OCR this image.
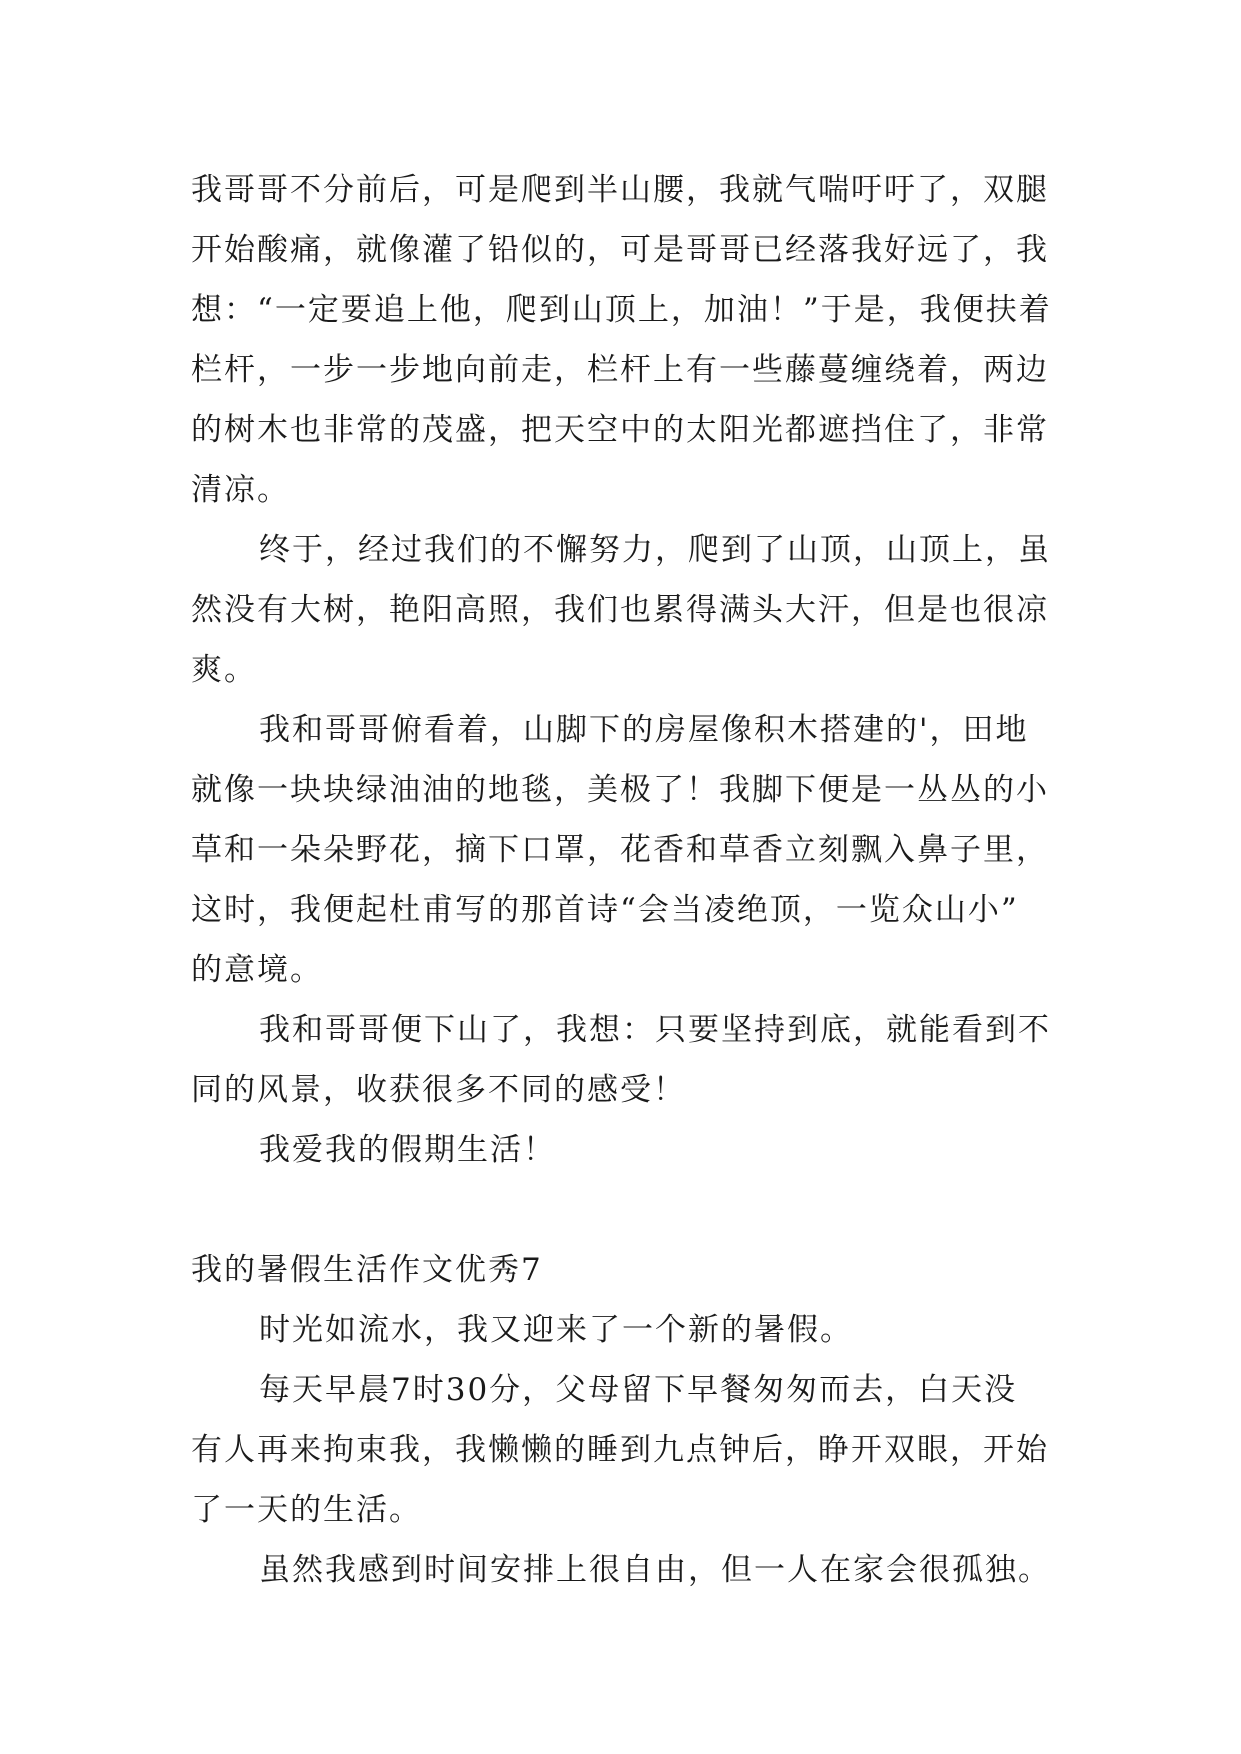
我哥哥不分前后，可是爬到半山腰，我就气喘吁吁了，双腿
开始酸痛，就像灌了铅似的，可是哥哥已经落我好远了，我
想：“一定要追上他，爬到山顶上，加油！”于是，我便扶着
栏杆，一步一步地向前走，栏杆上有一些藤蔓缠绕着，两边
的树木也非常的茂盛，把天空中的太阳光都遮挡住了，非常
清凉。
终于，经过我们的不懈努力，爬到了山顶，山顶上，虽
然没有大树，艳阳高照，我们也累得满头大汗，但是也很凉
爽。
我和哥哥俯看着，山脚下的房屋像积木搭建的'，田地
就像一块块绿油油的地毯，美极了！我脚下便是一丛丛的小
草和一朵朵野花，摘下口罩，花香和草香立刻飘入鼻子里，
这时，我便起杜甫写的那首诗“会当凌绝顶，一览众山小”
的意境。
我和哥哥便下山了，我想：只要坚持到底，就能看到不
同的风景，收获很多不同的感受！
我爱我的假期生活！
我的暑假生活作文优秀7
时光如流水，我又迎来了一个新的暑假。
每天早晨7时30分，父母留下早餐匆匆而去，白天没
有人再来拘束我，我懒懒的睡到九点钟后，睁开双眼，开始
了一天的生活。
虽然我感到时间安排上很自由，但一人在家会很孤独。
